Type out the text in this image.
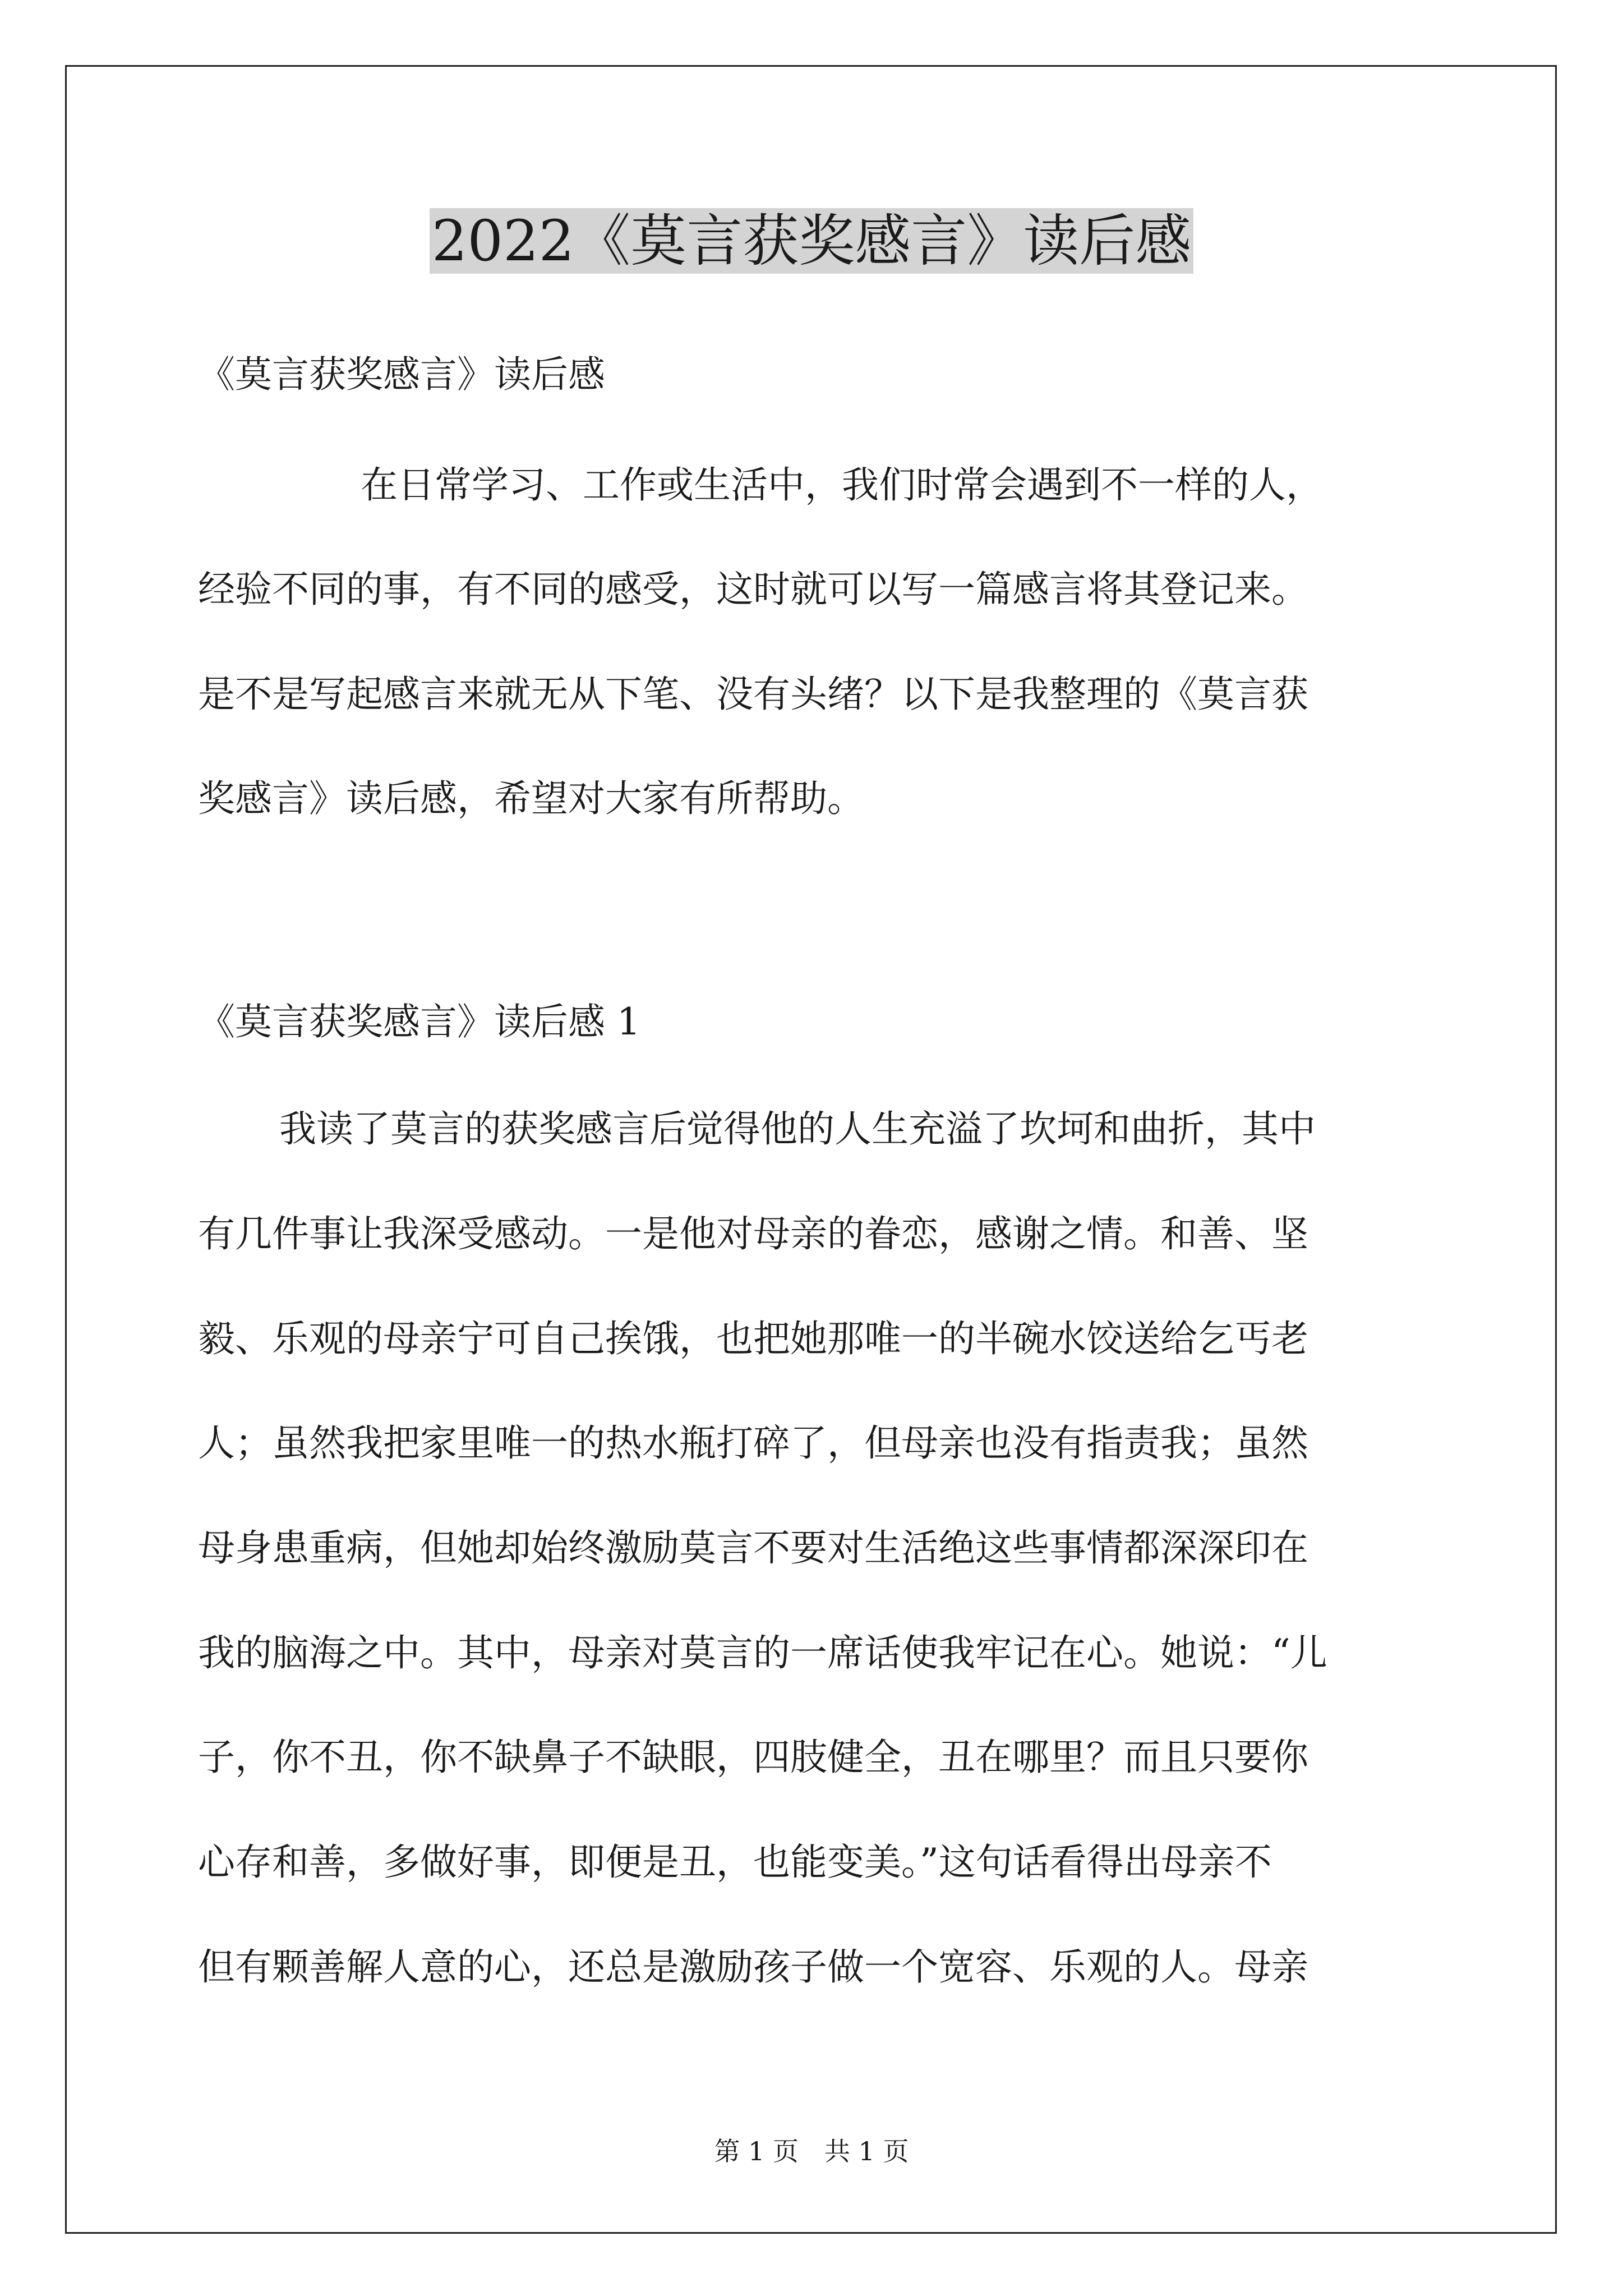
2022《莫言获奖感言》读后感
《莫言获奖感言》读后感
在日常学习、工作或生活中，我们时常会遇到不一样的人，
经验不同的事，有不同的感受，这时就可以写一篇感言将其登记来。
是不是写起感言来就无从下笔、没有头绪？以下是我整理的《莫言获
奖感言》读后感，希望对大家有所帮助。
《莫言获奖感言》读后感 1
我读了莫言的获奖感言后觉得他的人生充溢了坎坷和曲折，其中
有几件事让我深受感动。一是他对母亲的眷恋，感谢之情。和善、坚
毅、乐观的母亲宁可自己挨饿，也把她那唯一的半碗水饺送给乞丐老
人；虽然我把家里唯一的热水瓶打碎了，但母亲也没有指责我；虽然
母身患重病，但她却始终激励莫言不要对生活绝这些事情都深深印在
我的脑海之中。其中，母亲对莫言的一席话使我牢记在心。她说：“儿
子，你不丑，你不缺鼻子不缺眼，四肢健全，丑在哪里？而且只要你
心存和善，多做好事，即便是丑，也能变美。”这句话看得出母亲不
但有颗善解人意的心，还总是激励孩子做一个宽容、乐观的人。母亲
第 1 页　共 1 页
